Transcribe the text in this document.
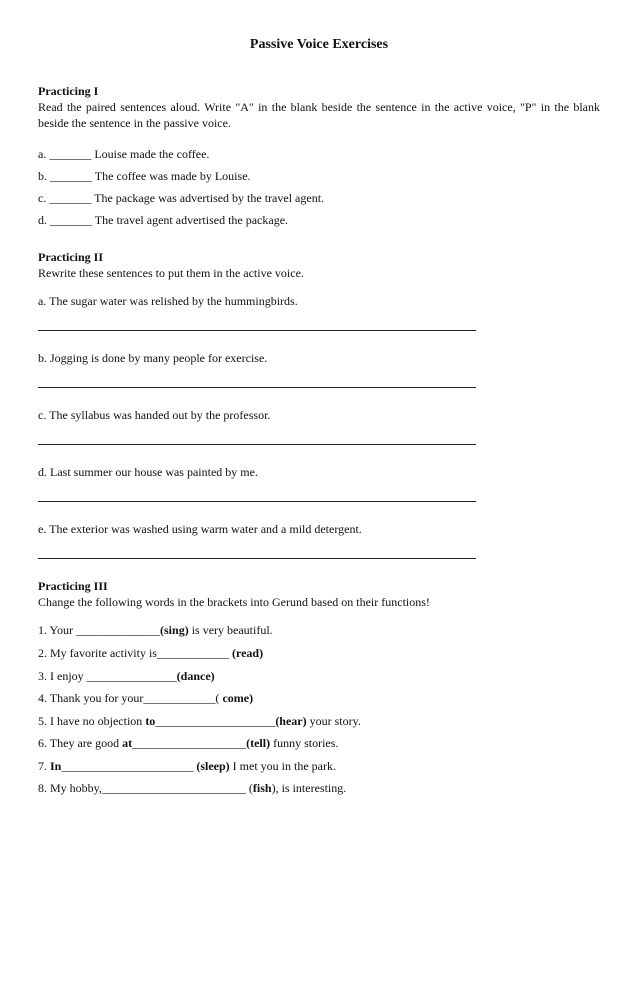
Passive Voice Exercises
Practicing I
Read the paired sentences aloud. Write "A" in the blank beside the sentence in the active voice, "P" in the blank beside the sentence in the passive voice.
a. _______ Louise made the coffee.
b. _______ The coffee was made by Louise.
c. _______ The package was advertised by the travel agent.
d. _______ The travel agent advertised the package.
Practicing II
Rewrite these sentences to put them in the active voice.
a. The sugar water was relished by the hummingbirds.
b. Jogging is done by many people for exercise.
c. The syllabus was handed out by the professor.
d. Last summer our house was painted by me.
e. The exterior was washed using warm water and a mild detergent.
Practicing III
Change the following words in the brackets into Gerund based on their functions!
1. Your ______________(sing) is very beautiful.
2. My favorite activity is____________ (read)
3. I enjoy _______________(dance)
4. Thank you for your____________( come)
5. I have no objection to____________________(hear) your story.
6. They are good at___________________(tell) funny stories.
7. In______________________ (sleep) I met you in the park.
8. My hobby,________________________ (fish), is interesting.
